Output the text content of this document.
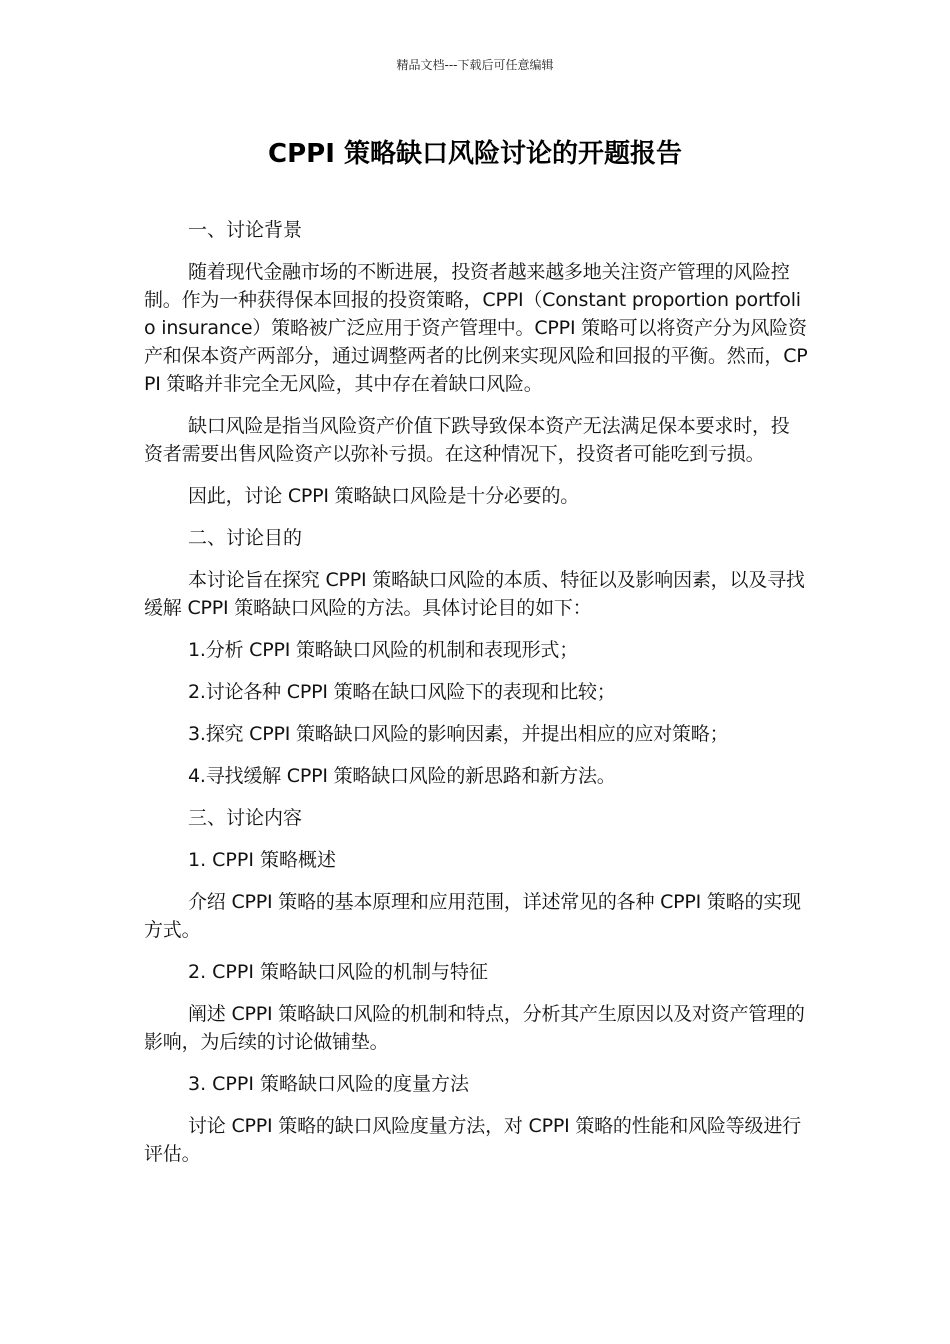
精品文档---下载后可任意编辑
CPPI 策略缺口风险讨论的开题报告

一、讨论背景

随着现代金融市场的不断进展，投资者越来越多地关注资产管理的风险控制。作为一种获得保本回报的投资策略，CPPI（Constant proportion portfolio insurance）策略被广泛应用于资产管理中。CPPI 策略可以将资产分为风险资产和保本资产两部分，通过调整两者的比例来实现风险和回报的平衡。然而，CPPI 策略并非完全无风险，其中存在着缺口风险。

缺口风险是指当风险资产价值下跌导致保本资产无法满足保本要求时，投资者需要出售风险资产以弥补亏损。在这种情况下，投资者可能吃到亏损。

因此，讨论 CPPI 策略缺口风险是十分必要的。

二、讨论目的

本讨论旨在探究 CPPI 策略缺口风险的本质、特征以及影响因素，以及寻找缓解 CPPI 策略缺口风险的方法。具体讨论目的如下：

1.分析 CPPI 策略缺口风险的机制和表现形式；

2.讨论各种 CPPI 策略在缺口风险下的表现和比较；

3.探究 CPPI 策略缺口风险的影响因素，并提出相应的应对策略；

4.寻找缓解 CPPI 策略缺口风险的新思路和新方法。

三、讨论内容

1. CPPI 策略概述

介绍 CPPI 策略的基本原理和应用范围，详述常见的各种 CPPI 策略的实现方式。

2. CPPI 策略缺口风险的机制与特征

阐述 CPPI 策略缺口风险的机制和特点，分析其产生原因以及对资产管理的影响，为后续的讨论做铺垫。

3. CPPI 策略缺口风险的度量方法

讨论 CPPI 策略的缺口风险度量方法，对 CPPI 策略的性能和风险等级进行评估。
